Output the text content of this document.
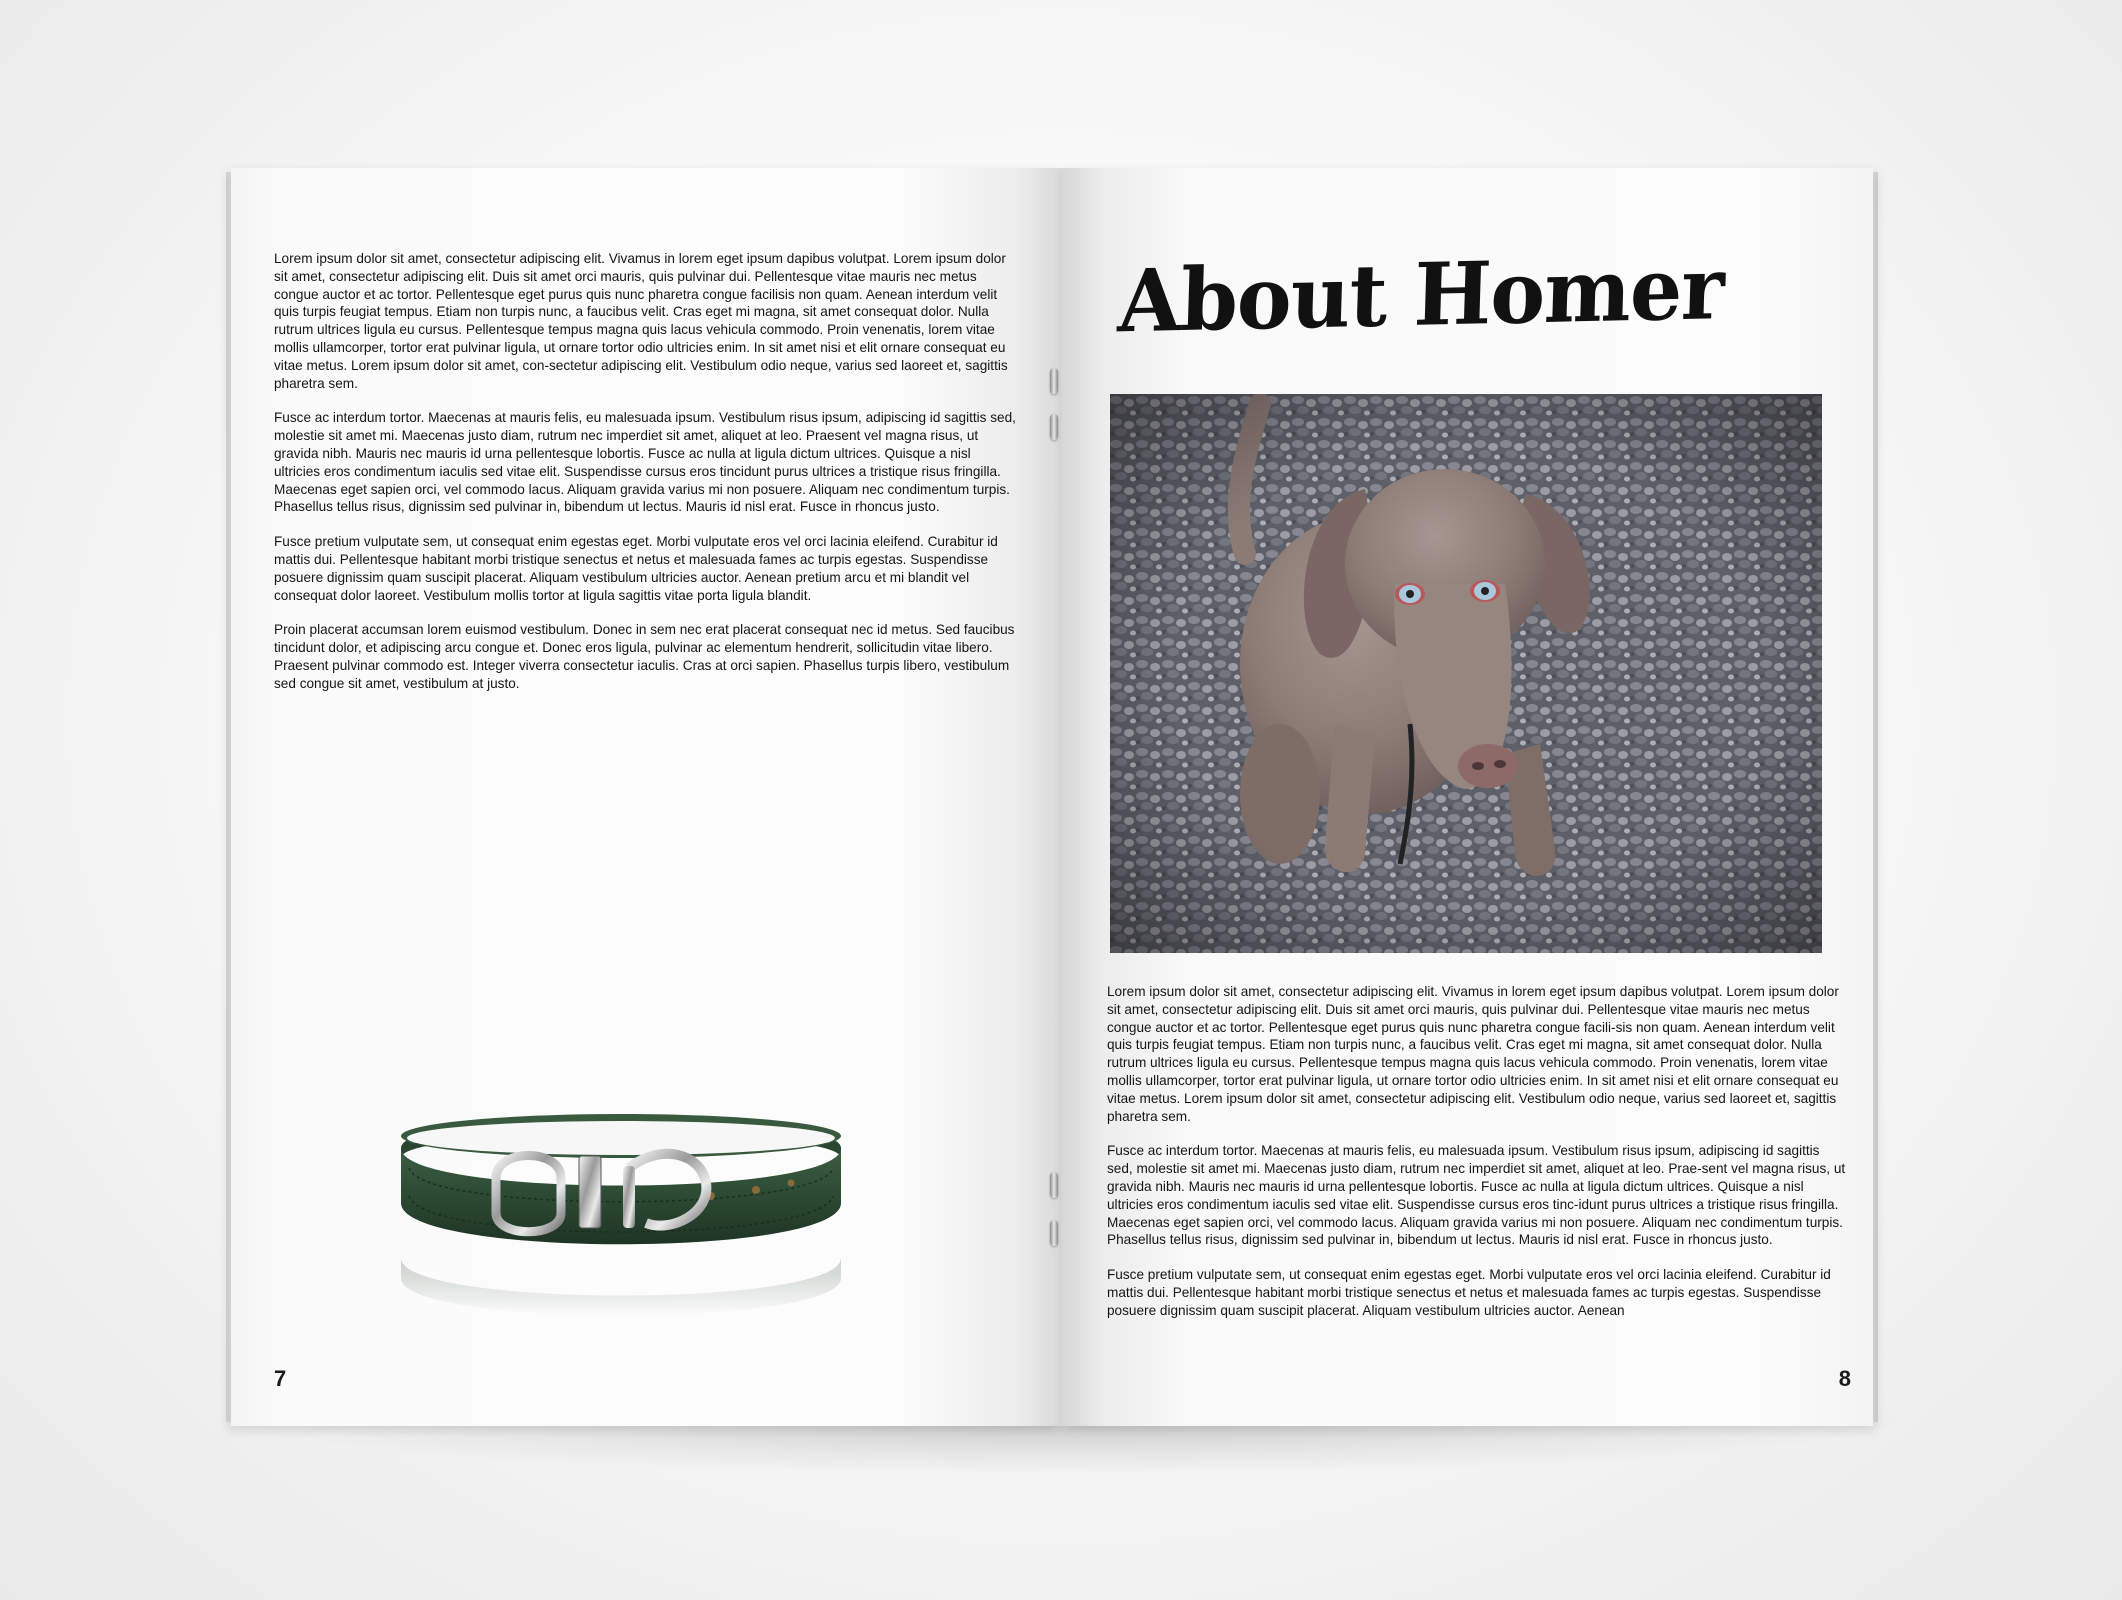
Lorem ipsum dolor sit amet, consectetur adipiscing elit. Vivamus in lorem eget ipsum dapibus volutpat. Lorem ipsum dolor sit amet, consectetur adipiscing elit. Duis sit amet orci mauris, quis pulvinar dui. Pellentesque vitae mauris nec metus congue auctor et ac tortor. Pellentesque eget purus quis nunc pharetra congue facilisis non quam. Aenean interdum velit quis turpis feugiat tempus. Etiam non turpis nunc, a faucibus velit. Cras eget mi magna, sit amet consequat dolor. Nulla rutrum ultrices ligula eu cursus. Pellentesque tempus magna quis lacus vehicula commodo. Proin venenatis, lorem vitae mollis ullamcorper, tortor erat pulvinar ligula, ut ornare tortor odio ultricies enim. In sit amet nisi et elit ornare consequat eu vitae metus. Lorem ipsum dolor sit amet, con-sectetur adipiscing elit. Vestibulum odio neque, varius sed laoreet et, sagittis pharetra sem.

Fusce ac interdum tortor. Maecenas at mauris felis, eu malesuada ipsum. Vestibulum risus ipsum, adipiscing id sagittis sed, molestie sit amet mi. Maecenas justo diam, rutrum nec imperdiet sit amet, aliquet at leo. Praesent vel magna risus, ut gravida nibh. Mauris nec mauris id urna pellentesque lobortis. Fusce ac nulla at ligula dictum ultrices. Quisque a nisl ultricies eros condimentum iaculis sed vitae elit. Suspendisse cursus eros tincidunt purus ultrices a tristique risus fringilla. Maecenas eget sapien orci, vel commodo lacus. Aliquam gravida varius mi non posuere. Aliquam nec condimentum turpis. Phasellus tellus risus, dignissim sed pulvinar in, bibendum ut lectus. Mauris id nisl erat. Fusce in rhoncus justo.

Fusce pretium vulputate sem, ut consequat enim egestas eget. Morbi vulputate eros vel orci lacinia eleifend. Curabitur id mattis dui. Pellentesque habitant morbi tristique senectus et netus et malesuada fames ac turpis egestas. Suspendisse posuere dignissim quam suscipit placerat. Aliquam vestibulum ultricies auctor. Aenean pretium arcu et mi blandit vel consequat dolor laoreet. Vestibulum mollis tortor at ligula sagittis vitae porta ligula blandit.

Proin placerat accumsan lorem euismod vestibulum. Donec in sem nec erat placerat consequat nec id metus. Sed faucibus tincidunt dolor, et adipiscing arcu congue et. Donec eros ligula, pulvinar ac elementum hendrerit, sollicitudin vitae libero. Praesent pulvinar commodo est. Integer viverra consectetur iaculis. Cras at orci sapien. Phasellus turpis libero, vestibulum sed congue sit amet, vestibulum at justo.

7
About Homer

Lorem ipsum dolor sit amet, consectetur adipiscing elit. Vivamus in lorem eget ipsum dapibus volutpat. Lorem ipsum dolor sit amet, consectetur adipiscing elit. Duis sit amet orci mauris, quis pulvinar dui. Pellentesque vitae mauris nec metus congue auctor et ac tortor. Pellentesque eget purus quis nunc pharetra congue facili-sis non quam. Aenean interdum velit quis turpis feugiat tempus. Etiam non turpis nunc, a faucibus velit. Cras eget mi magna, sit amet consequat dolor. Nulla rutrum ultrices ligula eu cursus. Pellentesque tempus magna quis lacus vehicula commodo. Proin venenatis, lorem vitae mollis ullamcorper, tortor erat pulvinar ligula, ut ornare tortor odio ultricies enim. In sit amet nisi et elit ornare consequat eu vitae metus. Lorem ipsum dolor sit amet, consectetur adipiscing elit. Vestibulum odio neque, varius sed laoreet et, sagittis pharetra sem.

Fusce ac interdum tortor. Maecenas at mauris felis, eu malesuada ipsum. Vestibulum risus ipsum, adipiscing id sagittis sed, molestie sit amet mi. Maecenas justo diam, rutrum nec imperdiet sit amet, aliquet at leo. Prae-sent vel magna risus, ut gravida nibh. Mauris nec mauris id urna pellentesque lobortis. Fusce ac nulla at ligula dictum ultrices. Quisque a nisl ultricies eros condimentum iaculis sed vitae elit. Suspendisse cursus eros tinc-idunt purus ultrices a tristique risus fringilla. Maecenas eget sapien orci, vel commodo lacus. Aliquam gravida varius mi non posuere. Aliquam nec condimentum turpis. Phasellus tellus risus, dignissim sed pulvinar in, bibendum ut lectus. Mauris id nisl erat. Fusce in rhoncus justo.

Fusce pretium vulputate sem, ut consequat enim egestas eget. Morbi vulputate eros vel orci lacinia eleifend. Curabitur id mattis dui. Pellentesque habitant morbi tristique senectus et netus et malesuada fames ac turpis egestas. Suspendisse posuere dignissim quam suscipit placerat. Aliquam vestibulum ultricies auctor. Aenean

8
